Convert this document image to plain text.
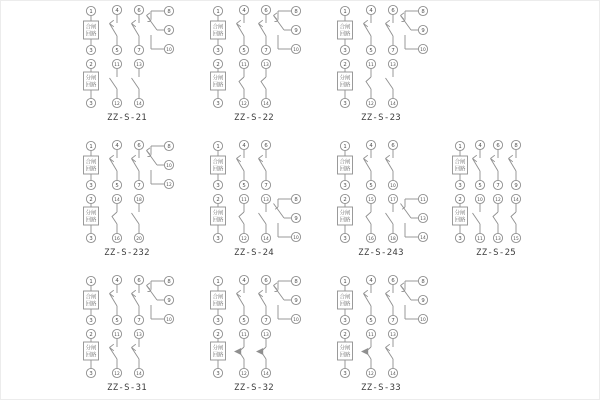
1
合闸
回路
3
4
5
6
7
8
9
10
2
分闸
回路
3
11
12
13
14
ZZ-S-21
1
合闸
回路
3
4
5
6
7
8
9
10
2
分闸
回路
3
11
12
13
14
ZZ-S-22
1
合闸
回路
3
4
5
6
7
8
9
10
2
分闸
回路
3
11
12
13
14
ZZ-S-23
1
合闸
回路
3
4
5
6
7
8
10
12
2
分闸
回路
3
14
16
18
20
ZZ-S-232
1
合闸
回路
3
4
5
6
7
2
分闸
回路
3
11
12
13
14
8
9
10
ZZ-S-24
1
合闸
回路
3
4
5
6
10
2
分闸
回路
3
15
16
17
18
11
13
14
ZZ-S-243
1
合闸
回路
3
4
5
6
7
8
9
2
分闸
回路
3
10
11
12
13
14
15
ZZ-S-25
1
合闸
回路
3
4
5
6
7
8
9
10
2
分闸
回路
3
11
12
13
14
ZZ-S-31
1
合闸
回路
3
4
5
6
7
8
9
10
2
分闸
回路
3
11
12
13
14
ZZ-S-32
1
合闸
回路
3
4
5
6
7
8
9
10
2
分闸
回路
3
11
12
13
14
ZZ-S-33
